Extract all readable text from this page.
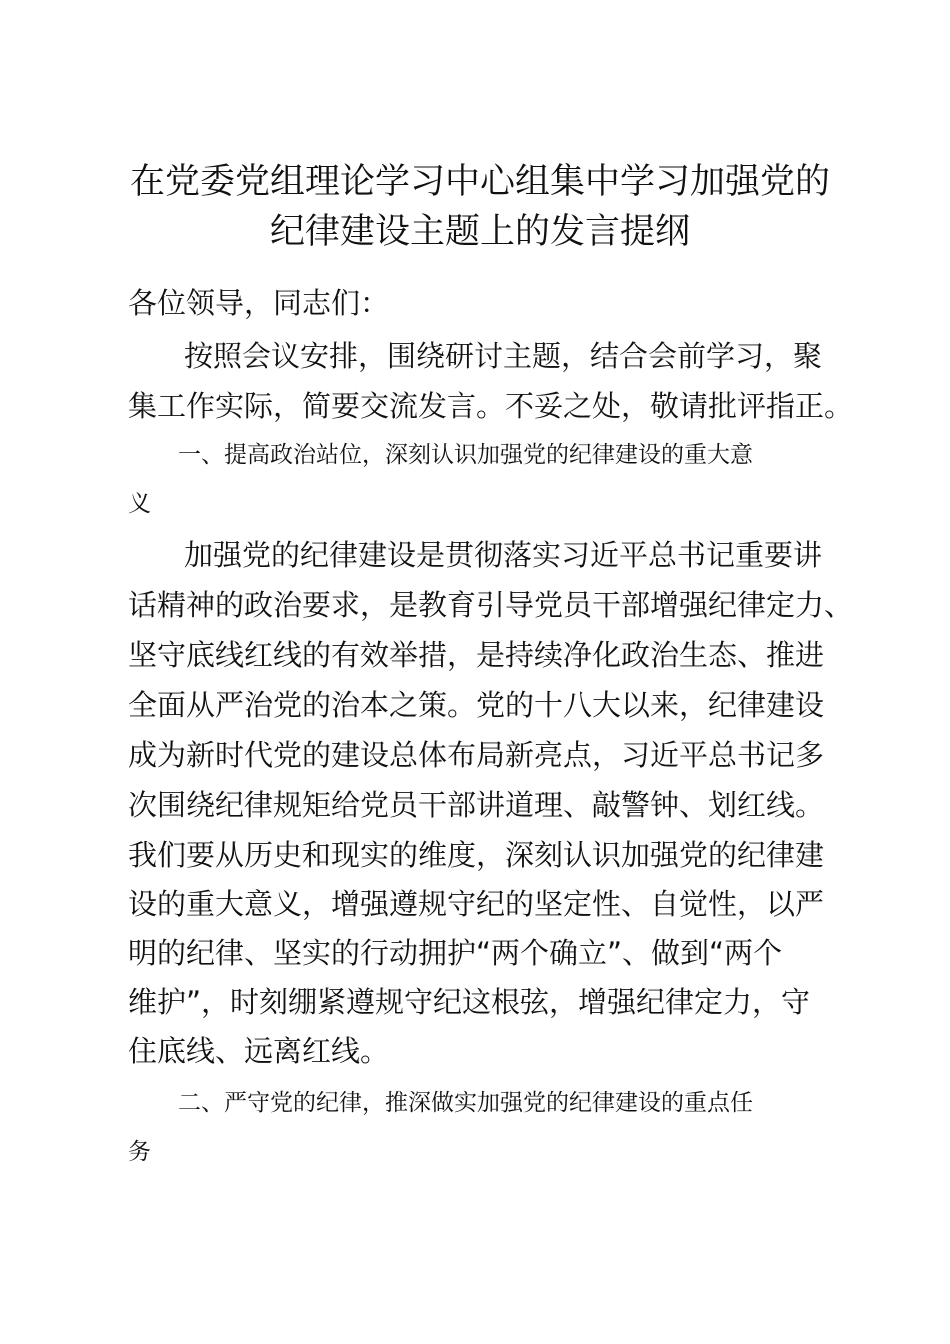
在党委党组理论学习中心组集中学习加强党的
纪律建设主题上的发言提纲
各位领导，同志们：
按照会议安排，围绕研讨主题，结合会前学习，聚
集工作实际，简要交流发言。不妥之处，敬请批评指正。
一、提高政治站位，深刻认识加强党的纪律建设的重大意
义
加强党的纪律建设是贯彻落实习近平总书记重要讲
话精神的政治要求，是教育引导党员干部增强纪律定力、
坚守底线红线的有效举措，是持续净化政治生态、推进
全面从严治党的治本之策。党的十八大以来，纪律建设
成为新时代党的建设总体布局新亮点，习近平总书记多
次围绕纪律规矩给党员干部讲道理、敲警钟、划红线。
我们要从历史和现实的维度，深刻认识加强党的纪律建
设的重大意义，增强遵规守纪的坚定性、自觉性，以严
明的纪律、坚实的行动拥护“两个确立”、做到“两个
维护”，时刻绷紧遵规守纪这根弦，增强纪律定力，守
住底线、远离红线。
二、严守党的纪律，推深做实加强党的纪律建设的重点任
务
